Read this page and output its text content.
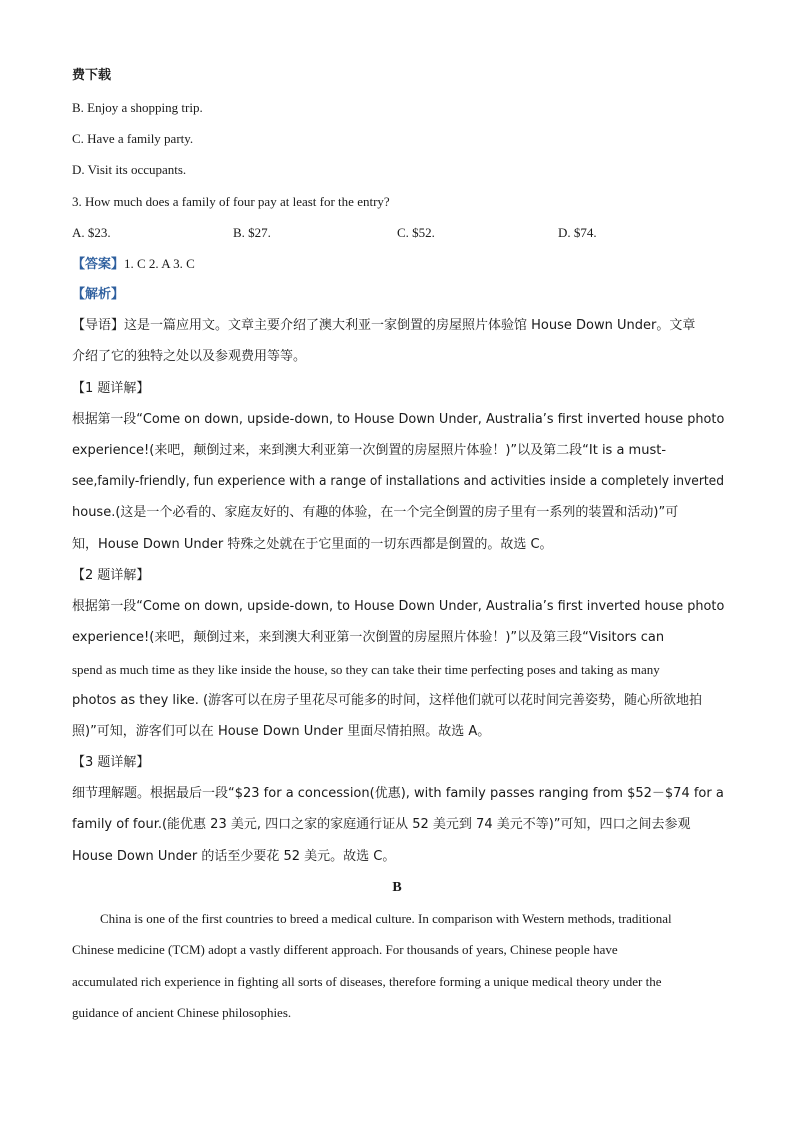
费下载
B. Enjoy a shopping trip.
C. Have a family party.
D. Visit its occupants.
3. How much does a family of four pay at least for the entry?
A. $23.	B. $27.	C. $52.	D. $74.
【答案】1. C 2. A 3. C
【解析】
【导语】这是一篇应用文。文章主要介绍了澳大利亚一家倒置的房屋照片体验馆 House Down Under。文章
介绍了它的独特之处以及参观费用等等。
【1 题详解】
根据第一段“Come on down, upside-down, to House Down Under, Australia’s first inverted house photo
experience!(来吧，颠倒过来，来到澳大利亚第一次倒置的房屋照片体验！)”以及第二段“It is a must-
see,family-friendly, fun experience with a range of installations and activities inside a completely inverted
house.(这是一个必看的、家庭友好的、有趣的体验，在一个完全倒置的房子里有一系列的装置和活动)”可
知，House Down Under 特殊之处就在于它里面的一切东西都是倒置的。故选 C。
【2 题详解】
根据第一段“Come on down, upside-down, to House Down Under, Australia’s first inverted house photo
experience!(来吧，颠倒过来，来到澳大利亚第一次倒置的房屋照片体验！)”以及第三段“Visitors can
spend as much time as they like inside the house, so they can take their time perfecting poses and taking as many
photos as they like. (游客可以在房子里花尽可能多的时间，这样他们就可以花时间完善姿势，随心所欲地拍
照)”可知，游客们可以在 House Down Under 里面尽情拍照。故选 A。
【3 题详解】
细节理解题。根据最后一段“$23 for a concession(优惠), with family passes ranging from $52－$74 for a
family of four.(能优惠 23 美元, 四口之家的家庭通行证从 52 美元到 74 美元不等)”可知，四口之间去参观
House Down Under 的话至少要花 52 美元。故选 C。
B
China is one of the first countries to breed a medical culture. In comparison with Western methods, traditional
Chinese medicine (TCM) adopt a vastly different approach. For thousands of years, Chinese people have
accumulated rich experience in fighting all sorts of diseases, therefore forming a unique medical theory under the
guidance of ancient Chinese philosophies.
